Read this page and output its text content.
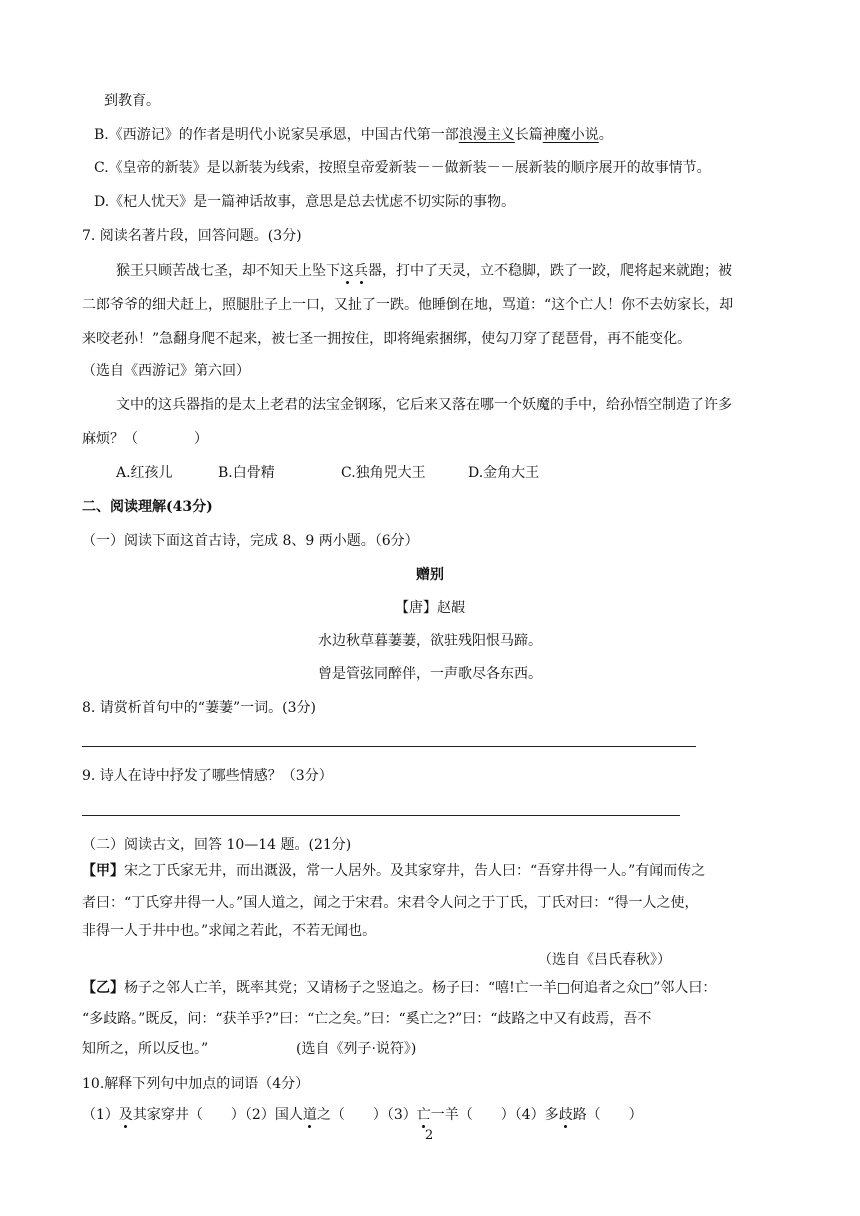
到教育。
B.《西游记》的作者是明代小说家吴承恩，中国古代第一部浪漫主义长篇神魔小说。
C.《皇帝的新装》是以新装为线索，按照皇帝爱新装－－做新装－－展新装的顺序展开的故事情节。
D.《杞人忧天》是一篇神话故事，意思是总去忧虑不切实际的事物。
7. 阅读名著片段，回答问题。(3分)
猴王只顾苦战七圣，却不知天上坠下这兵器，打中了天灵，立不稳脚，跌了一跤，爬将起来就跑；被
二郎爷爷的细犬赶上，照腿肚子上一口，又扯了一跌。他睡倒在地，骂道：“这个亡人！你不去妨家长，却
来咬老孙！”急翻身爬不起来，被七圣一拥按住，即将绳索捆绑，使勾刀穿了琵琶骨，再不能变化。
（选自《西游记》第六回）
文中的这兵器指的是太上老君的法宝金钢琢，它后来又落在哪一个妖魔的手中，给孙悟空制造了许多
麻烦？（　　　　）
A.红孩儿	B.白骨精	C.独角兕大王	D.金角大王
二、阅读理解(43分)
（一）阅读下面这首古诗，完成 8、9 两小题。（6分）
赠别
【唐】赵嘏
水边秋草暮萋萋，欲驻残阳恨马蹄。
曾是管弦同醉伴，一声歌尽各东西。
8. 请赏析首句中的“萋萋”一词。(3分)
9. 诗人在诗中抒发了哪些情感？（3分）
（二）阅读古文，回答 10—14 题。(21分)
【甲】宋之丁氏家无井，而出溉汲，常一人居外。及其家穿井，告人曰：“吾穿井得一人。”有闻而传之
者曰：“丁氏穿井得一人。”国人道之，闻之于宋君。宋君令人问之于丁氏，丁氏对曰：“得一人之使，
非得一人于井中也。”求闻之若此，不若无闻也。
（选自《吕氏春秋》）
【乙】杨子之邻人亡羊，既率其党；又请杨子之竖追之。杨子曰：“嘻!亡一羊□何追者之众□”邻人曰：
“多歧路。”既反，问：“获羊乎?”曰：“亡之矣。”曰：“奚亡之?”曰：“歧路之中又有歧焉，吾不
知所之，所以反也。”	(选自《列子·说符》)
10.解释下列句中加点的词语（4分）
（1）及其家穿井（　　）（2）国人道之（　　）（3）亡一羊（　　）（4）多歧路（　　）
2
